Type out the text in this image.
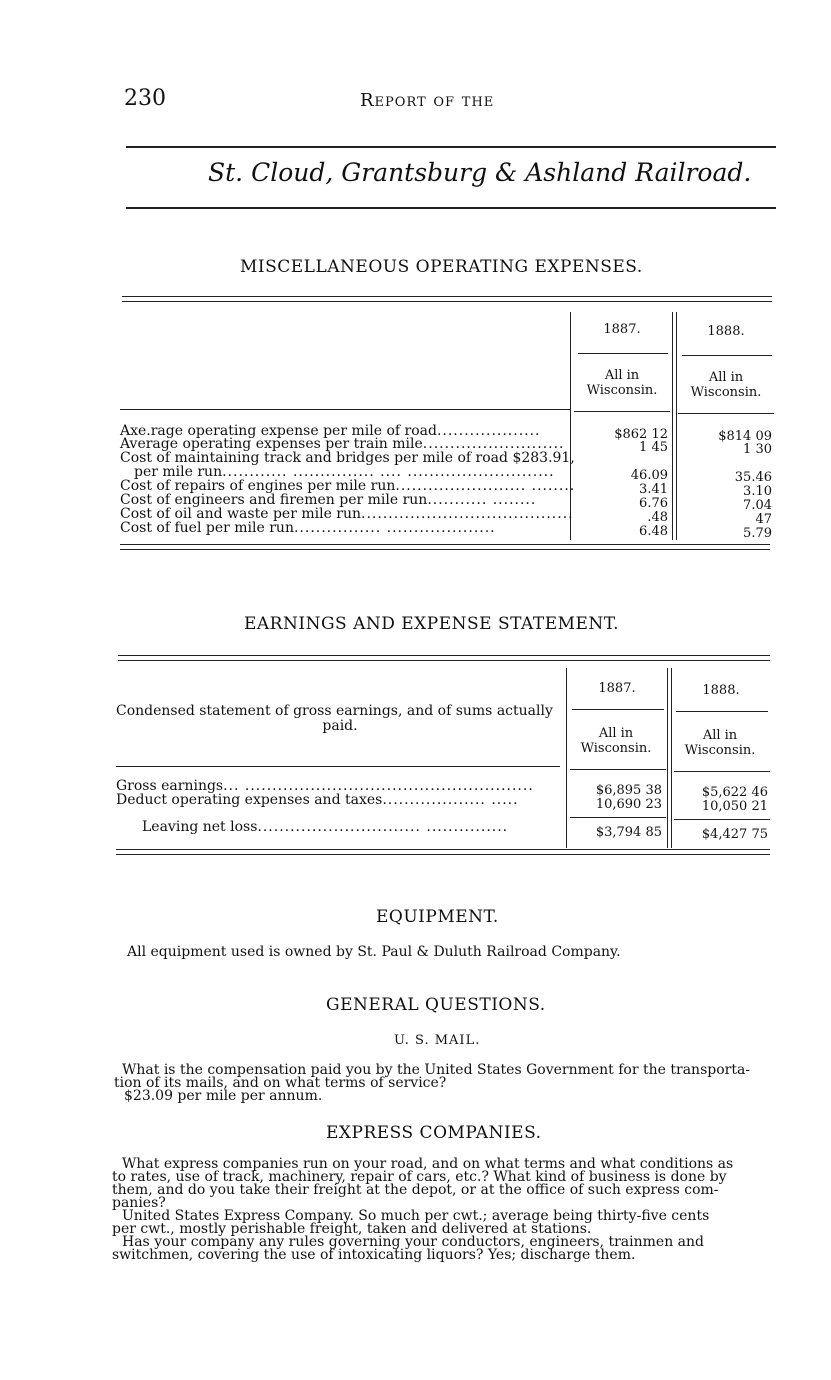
230	Report of the
St. Cloud, Grantsburg & Ashland Railroad.
MISCELLANEOUS OPERATING EXPENSES.
1887.	1888.
All in
Wisconsin.
All in
Wisconsin.
Axe.rage operating expense per mile of road...................	$862 12	$814 09
Average operating expenses per train mile..........................	1 45	1 30
Cost of maintaining track and bridges per mile of road $283.91,
per mile run............ ............... .... ...........................	46.09	35.46
Cost of repairs of engines per mile run........................ ........	3.41	3.10
Cost of engineers and firemen per mile run........... ........	6.76	7.04
Cost of oil and waste per mile run.......................................	.48	47
Cost of fuel per mile run................ ....................	6.48	5.79
EARNINGS AND EXPENSE STATEMENT.
Condensed statement of gross earnings, and of sums actually
paid.
1887.	1888.
All in
Wisconsin.
All in
Wisconsin.
Gross earnings... .....................................................	$6,895 38	$5,622 46
Deduct operating expenses and taxes................... .....	10,690 23	10,050 21
Leaving net loss.............................. ...............	$3,794 85	$4,427 75
EQUIPMENT.
All equipment used is owned by St. Paul & Duluth Railroad Company.
GENERAL QUESTIONS.
U. S. MAIL.
What is the compensation paid you by the United States Government for the transporta-
tion of its mails, and on what terms of service?
$23.09 per mile per annum.
EXPRESS COMPANIES.
What express companies run on your road, and on what terms and what conditions as
to rates, use of track, machinery, repair of cars, etc.? What kind of business is done by
them, and do you take their freight at the depot, or at the office of such express com-
panies?
United States Express Company. So much per cwt.; average being thirty-five cents
per cwt., mostly perishable freight, taken and delivered at stations.
Has your company any rules governing your conductors, engineers, trainmen and
switchmen, covering the use of intoxicating liquors? Yes; discharge them.
